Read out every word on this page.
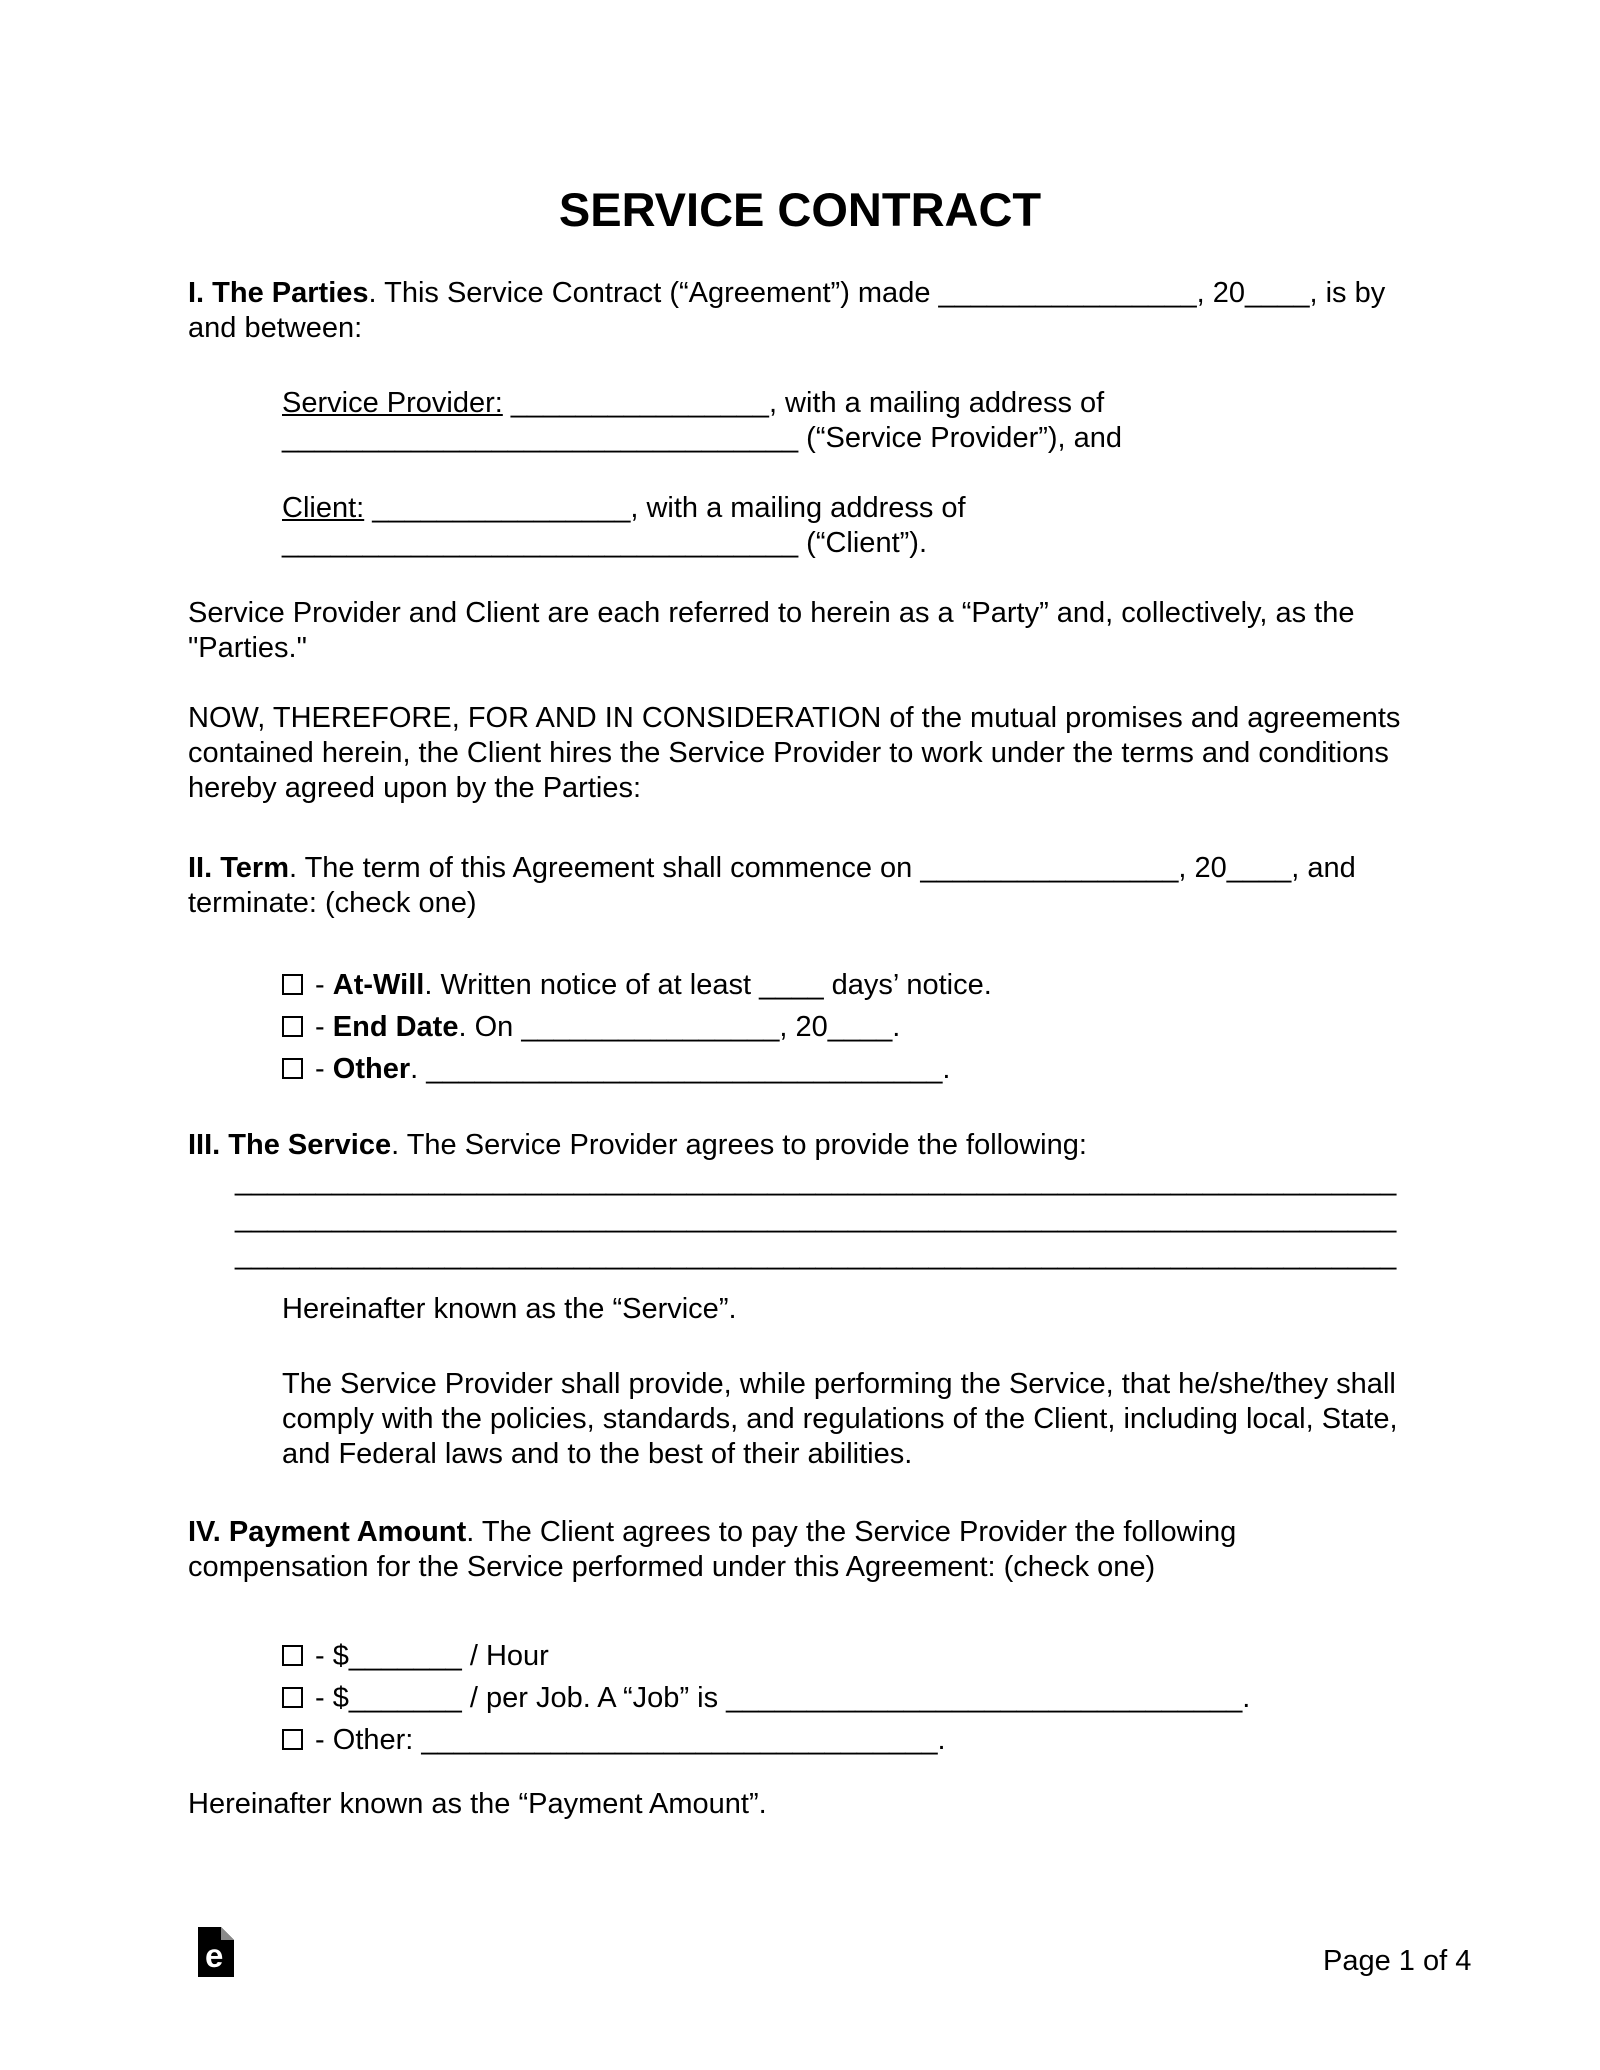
SERVICE CONTRACT

I. The Parties. This Service Contract (“Agreement”) made ________________, 20____, is by and between:

Service Provider: ________________, with a mailing address of ________________________________ (“Service Provider”), and

Client: ________________, with a mailing address of ________________________________ (“Client”).

Service Provider and Client are each referred to herein as a “Party” and, collectively, as the "Parties."

NOW, THEREFORE, FOR AND IN CONSIDERATION of the mutual promises and agreements contained herein, the Client hires the Service Provider to work under the terms and conditions hereby agreed upon by the Parties:

II. Term. The term of this Agreement shall commence on ________________, 20____, and terminate: (check one)

- At-Will. Written notice of at least ____ days’ notice.
- End Date. On ________________, 20____.
- Other. ________________________________.

III. The Service. The Service Provider agrees to provide the following:

________________________________________________________________________
________________________________________________________________________
________________________________________________________________________

Hereinafter known as the “Service”.

The Service Provider shall provide, while performing the Service, that he/she/they shall comply with the policies, standards, and regulations of the Client, including local, State, and Federal laws and to the best of their abilities.

IV. Payment Amount. The Client agrees to pay the Service Provider the following compensation for the Service performed under this Agreement: (check one)

- $_______ / Hour
- $_______ / per Job. A “Job” is ________________________________.
- Other: ________________________________.

Hereinafter known as the “Payment Amount”.

e	Page 1 of 4
